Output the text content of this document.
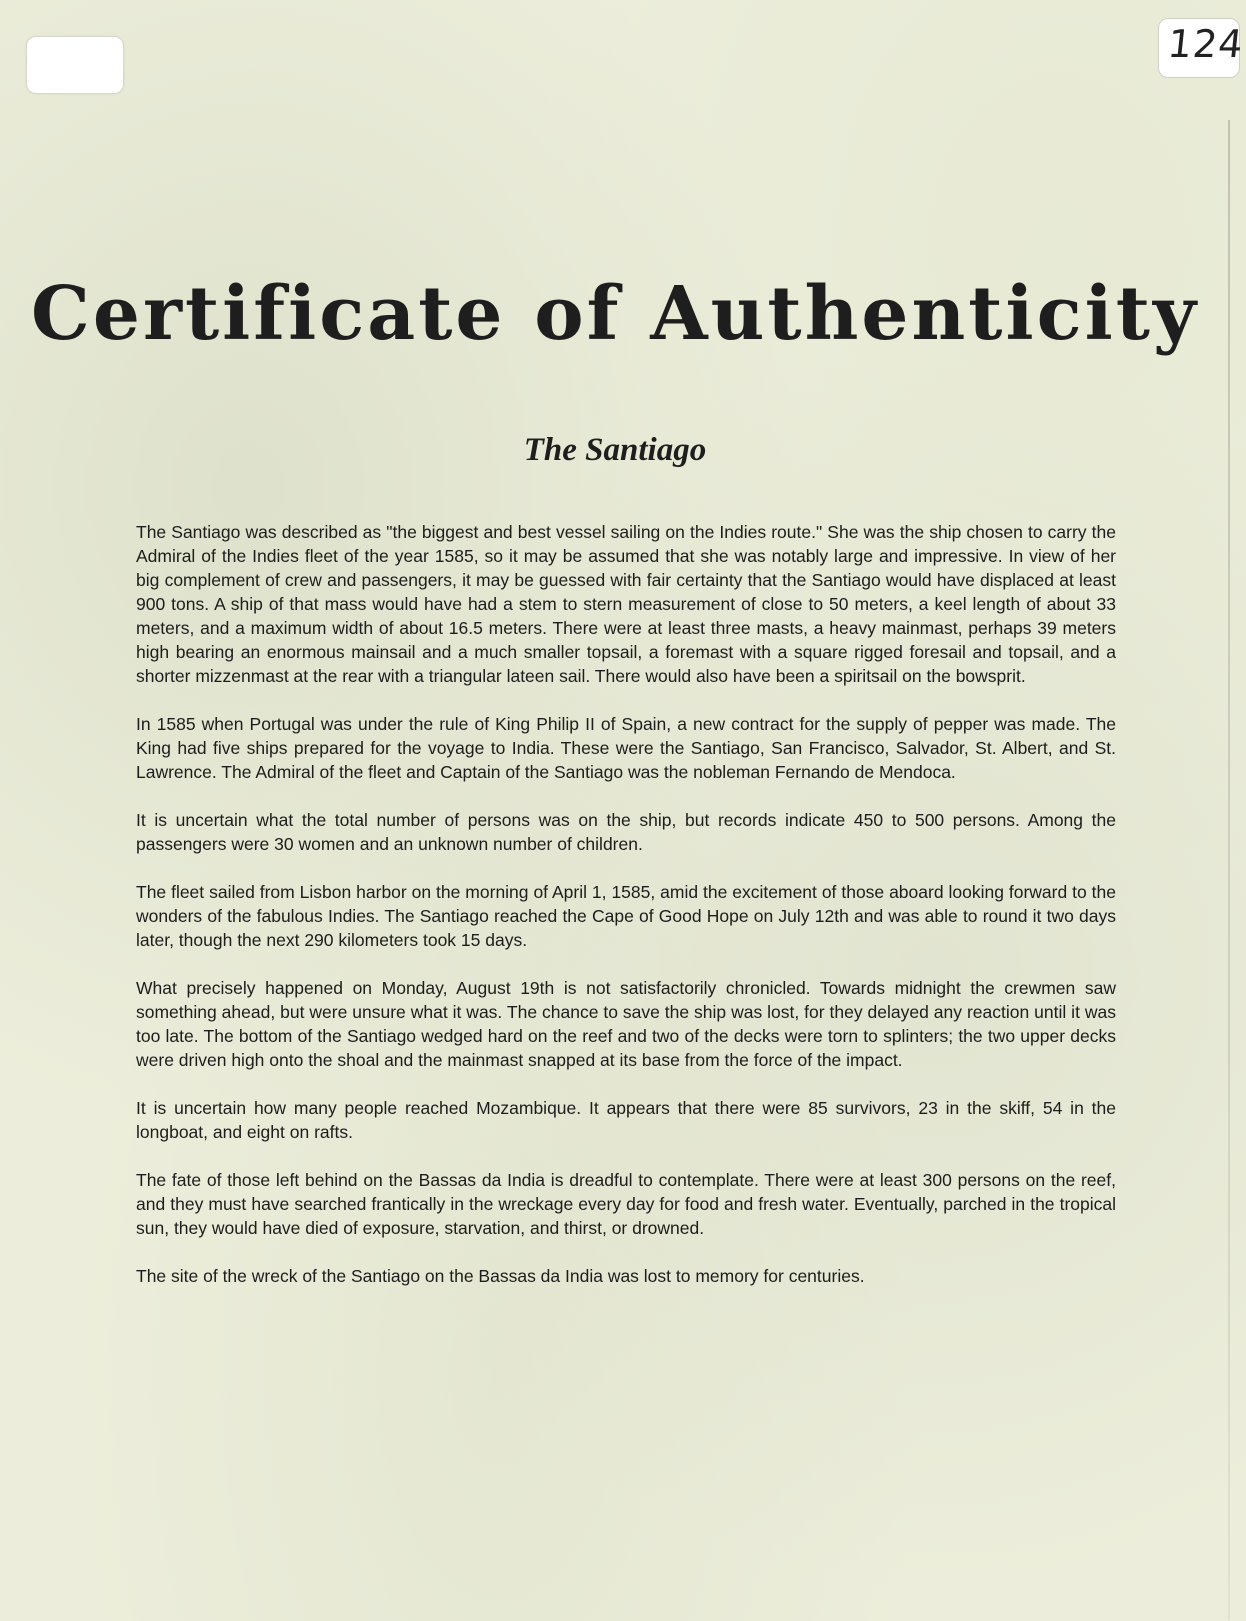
124
Certificate of Authenticity
The Santiago

The Santiago was described as "the biggest and best vessel sailing on the Indies route." She was the ship chosen to carry the Admiral of the Indies fleet of the year 1585, so it may be assumed that she was notably large and impressive. In view of her big complement of crew and passengers, it may be guessed with fair certainty that the Santiago would have displaced at least 900 tons. A ship of that mass would have had a stem to stern measurement of close to 50 meters, a keel length of about 33 meters, and a maximum width of about 16.5 meters. There were at least three masts, a heavy mainmast, perhaps 39 meters high bearing an enormous mainsail and a much smaller topsail, a foremast with a square rigged foresail and topsail, and a shorter mizzenmast at the rear with a triangular lateen sail. There would also have been a spiritsail on the bowsprit.

In 1585 when Portugal was under the rule of King Philip II of Spain, a new contract for the supply of pepper was made. The King had five ships prepared for the voyage to India. These were the Santiago, San Francisco, Salvador, St. Albert, and St. Lawrence. The Admiral of the fleet and Captain of the Santiago was the nobleman Fernando de Mendoca.

It is uncertain what the total number of persons was on the ship, but records indicate 450 to 500 persons. Among the passengers were 30 women and an unknown number of children.

The fleet sailed from Lisbon harbor on the morning of April 1, 1585, amid the excitement of those aboard looking forward to the wonders of the fabulous Indies. The Santiago reached the Cape of Good Hope on July 12th and was able to round it two days later, though the next 290 kilometers took 15 days.

What precisely happened on Monday, August 19th is not satisfactorily chronicled. Towards midnight the crewmen saw something ahead, but were unsure what it was. The chance to save the ship was lost, for they delayed any reaction until it was too late. The bottom of the Santiago wedged hard on the reef and two of the decks were torn to splinters; the two upper decks were driven high onto the shoal and the mainmast snapped at its base from the force of the impact.

It is uncertain how many people reached Mozambique. It appears that there were 85 survivors, 23 in the skiff, 54 in the longboat, and eight on rafts.

The fate of those left behind on the Bassas da India is dreadful to contemplate. There were at least 300 persons on the reef, and they must have searched frantically in the wreckage every day for food and fresh water. Eventually, parched in the tropical sun, they would have died of exposure, starvation, and thirst, or drowned.

The site of the wreck of the Santiago on the Bassas da India was lost to memory for centuries.
